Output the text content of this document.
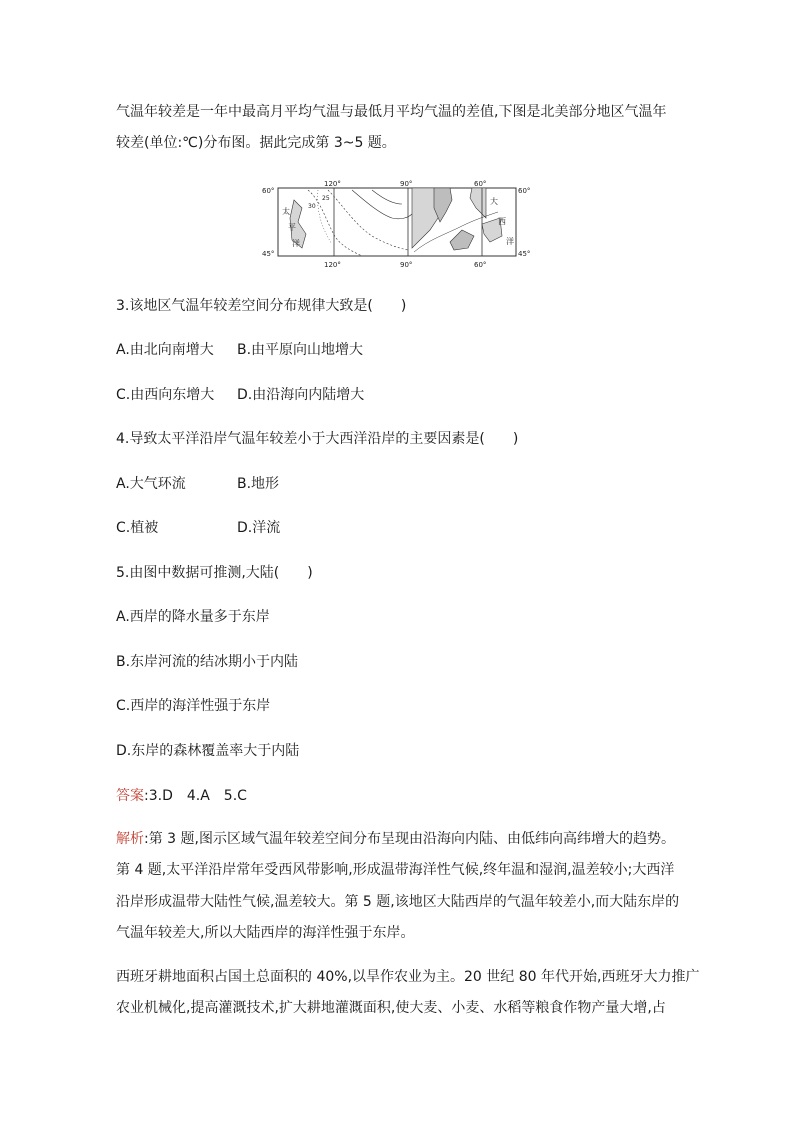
气温年较差是一年中最高月平均气温与最低月平均气温的差值,下图是北美部分地区气温年

较差(单位:℃)分布图。据此完成第 3~5 题。

60°
45°
60°
45°
120°	90°	60°
120°	90°	60°
太
平
洋
大
西
洋
30
25

3.该地区气温年较差空间分布规律大致是(　　)

A.由北向南增大 B.由平原向山地增大

C.由西向东增大 D.由沿海向内陆增大

4.导致太平洋沿岸气温年较差小于大西洋沿岸的主要因素是(　　)

A.大气环流	B.地形

C.植被	D.洋流

5.由图中数据可推测,大陆(　　)

A.西岸的降水量多于东岸

B.东岸河流的结冰期小于内陆

C.西岸的海洋性强于东岸

D.东岸的森林覆盖率大于内陆

答案:3.D　4.A　5.C

解析:第 3 题,图示区域气温年较差空间分布呈现由沿海向内陆、由低纬向高纬增大的趋势。

第 4 题,太平洋沿岸常年受西风带影响,形成温带海洋性气候,终年温和湿润,温差较小;大西洋

沿岸形成温带大陆性气候,温差较大。第 5 题,该地区大陆西岸的气温年较差小,而大陆东岸的

气温年较差大,所以大陆西岸的海洋性强于东岸。

西班牙耕地面积占国土总面积的 40%,以旱作农业为主。20 世纪 80 年代开始,西班牙大力推广

农业机械化,提高灌溉技术,扩大耕地灌溉面积,使大麦、小麦、水稻等粮食作物产量大增,占
